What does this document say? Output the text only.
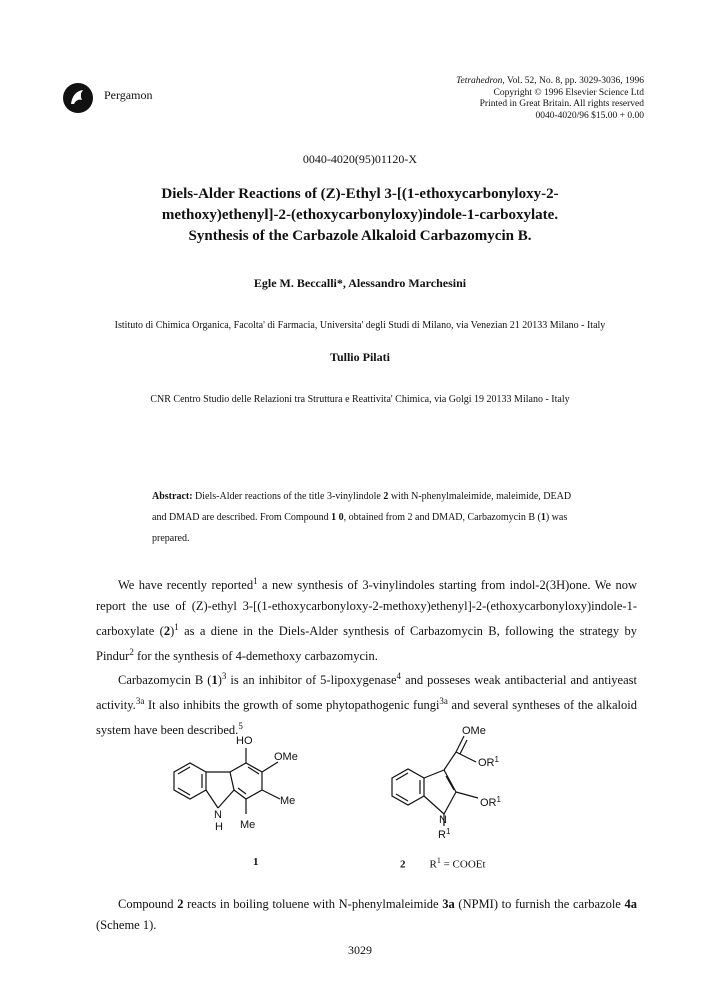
Pergamon
Tetrahedron, Vol. 52, No. 8, pp. 3029-3036, 1996
Copyright © 1996 Elsevier Science Ltd
Printed in Great Britain. All rights reserved
0040-4020/96 $15.00 + 0.00
0040-4020(95)01120-X
Diels-Alder Reactions of (Z)-Ethyl 3-[(1-ethoxycarbonyloxy-2-
methoxy)ethenyl]-2-(ethoxycarbonyloxy)indole-1-carboxylate.
Synthesis of the Carbazole Alkaloid Carbazomycin B.
Egle M. Beccalli*, Alessandro Marchesini
Istituto di Chimica Organica, Facolta' di Farmacia, Universita' degli Studi di Milano, via Venezian 21 20133 Milano - Italy
Tullio Pilati
CNR Centro Studio delle Relazioni tra Struttura e Reattivita' Chimica, via Golgi 19 20133 Milano - Italy
Abstract: Diels-Alder reactions of the title 3-vinylindole 2 with N-phenylmaleimide, maleimide, DEAD and DMAD are described. From Compound 1 0, obtained from 2 and DMAD, Carbazomycin B (1) was prepared.
We have recently reported$^1$ a new synthesis of 3-vinylindoles starting from indol-2(3H)one. We now report the use of (Z)-ethyl 3-[(1-ethoxycarbonyloxy-2-methoxy)ethenyl]-2-(ethoxycarbonyloxy)indole-1-carboxylate $(2)^1$ as a diene in the Diels-Alder synthesis of Carbazomycin B, following the strategy by Pindur$^2$ for the synthesis of 4-demethoxy carbazomycin.
Carbazomycin B $(1)^3$ is an inhibitor of 5-lipoxygenase$^4$ and posseses weak antibacterial and antiyeast activity.$^{3a}$ It also inhibits the growth of some phytopathogenic fungi$^{3a}$ and several syntheses of the alkaloid system have been described.$^5$
HO
OMe
Me
N
H Me
OMe
$OR^1$
$OR^1$
N
$R^1$
1	2 $R^1$ = COOEt
Compound 2 reacts in boiling toluene with N-phenylmaleimide 3a (NPMI) to furnish the carbazole 4a (Scheme 1).
3029
